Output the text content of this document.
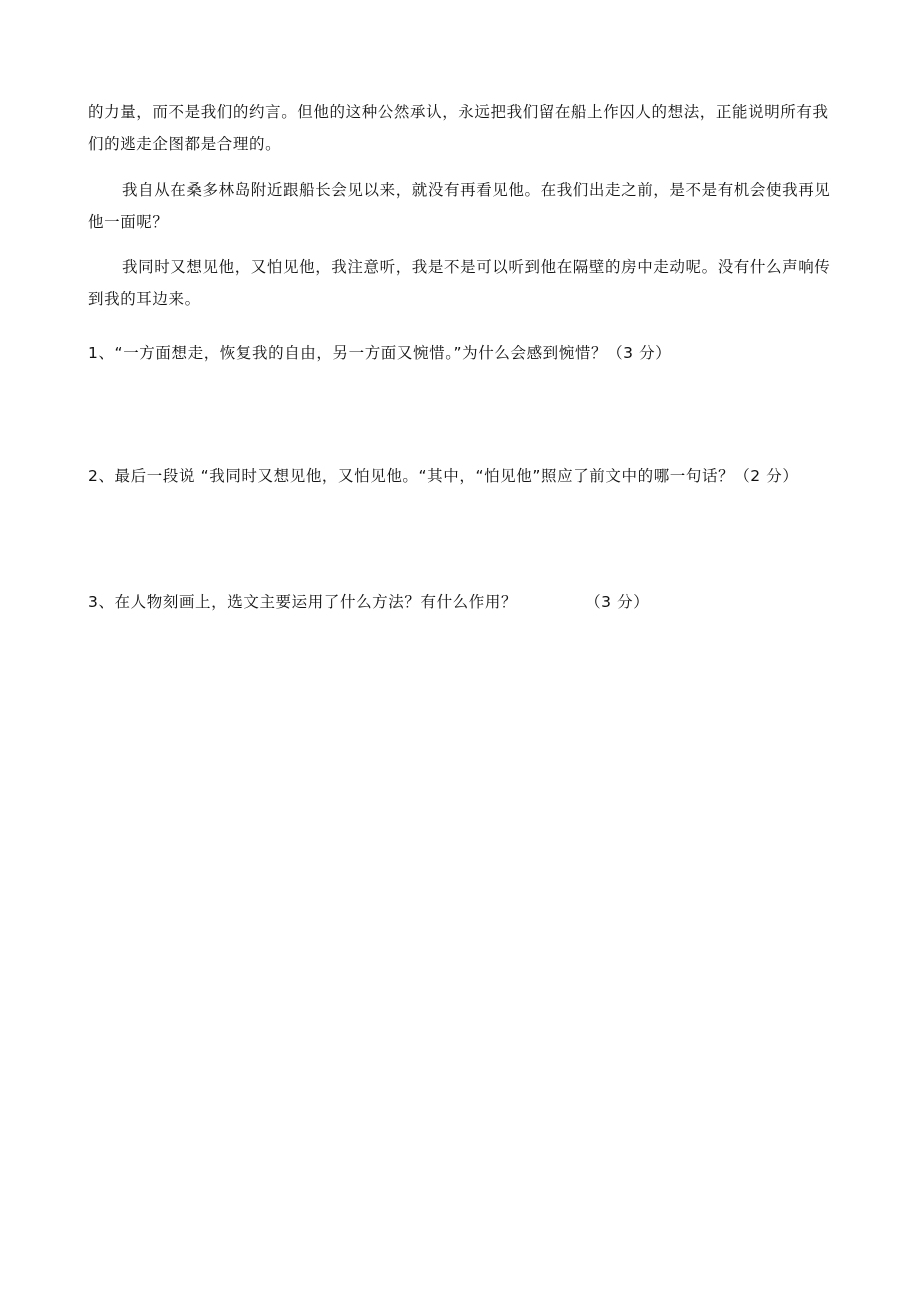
的力量，而不是我们的约言。但他的这种公然承认，永远把我们留在船上作囚人的想法，正能说明所有我们的逃走企图都是合理的。

我自从在桑多林岛附近跟船长会见以来，就没有再看见他。在我们出走之前，是不是有机会使我再见他一面呢？

我同时又想见他，又怕见他，我注意听，我是不是可以听到他在隔壁的房中走动呢。没有什么声响传到我的耳边来。

1、“一方面想走，恢复我的自由，另一方面又惋惜。”为什么会感到惋惜？（3 分）

2、最后一段说 “我同时又想见他，又怕见他。“其中，“怕见他”照应了前文中的哪一句话？（2 分）

3、在人物刻画上，选文主要运用了什么方法？有什么作用？	（3 分）
